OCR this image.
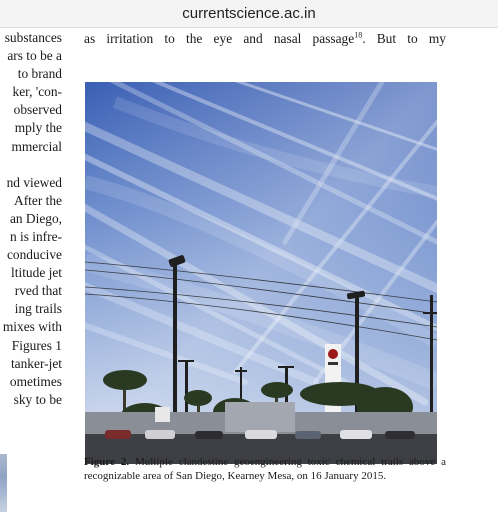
currentscience.ac.in
substances
ars to be a
to brand
ker, 'con-
observed
mply the
mmercial
nd viewed
After the
an Diego,
n is infre-
conducive
ltitude jet
rved that
ing trails
mixes with
Figures 1
tanker-jet
ometimes
sky to be
as irritation to the eye and nasal passage$^{18}$. But to my
Figure 2. Multiple clandestine geoengineering toxic chemical trails above a recognizable area of San Diego, Kearney Mesa, on 16 January 2015.
